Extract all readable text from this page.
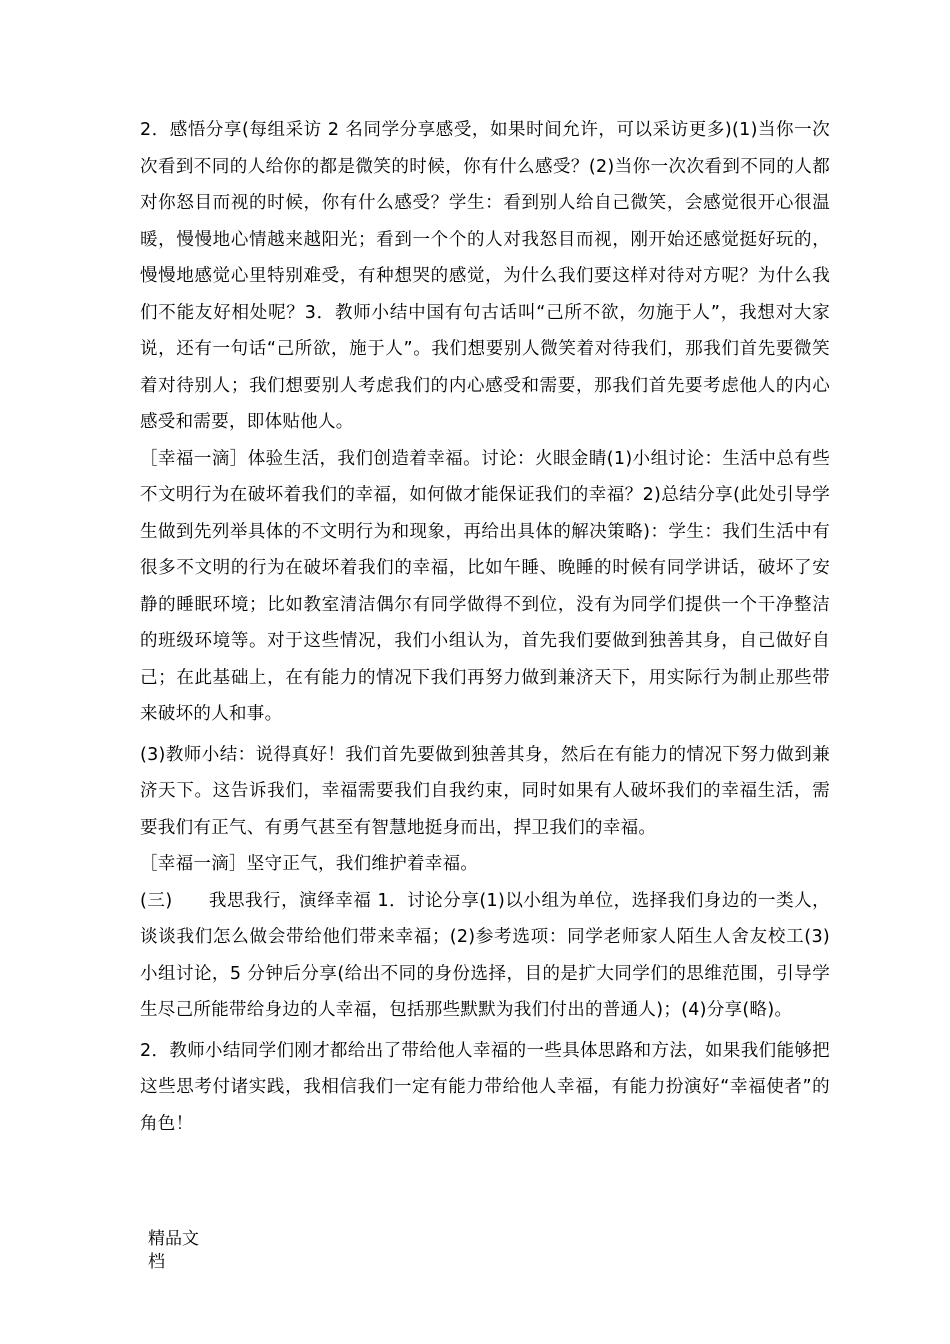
2．感悟分享(每组采访 2 名同学分享感受，如果时间允许，可以采访更多)(1)当你一次次看到不同的人给你的都是微笑的时候，你有什么感受？(2)当你一次次看到不同的人都对你怒目而视的时候，你有什么感受？学生：看到别人给自己微笑，会感觉很开心很温暖，慢慢地心情越来越阳光；看到一个个的人对我怒目而视，刚开始还感觉挺好玩的，慢慢地感觉心里特别难受，有种想哭的感觉，为什么我们要这样对待对方呢？为什么我们不能友好相处呢？3．教师小结中国有句古话叫“己所不欲，勿施于人”，我想对大家说，还有一句话“己所欲，施于人”。我们想要别人微笑着对待我们，那我们首先要微笑着对待别人；我们想要别人考虑我们的内心感受和需要，那我们首先要考虑他人的内心感受和需要，即体贴他人。

［幸福一滴］体验生活，我们创造着幸福。讨论：火眼金睛(1)小组讨论：生活中总有些不文明行为在破坏着我们的幸福，如何做才能保证我们的幸福？2)总结分享(此处引导学生做到先列举具体的不文明行为和现象，再给出具体的解决策略)：学生：我们生活中有很多不文明的行为在破坏着我们的幸福，比如午睡、晚睡的时候有同学讲话，破坏了安静的睡眠环境；比如教室清洁偶尔有同学做得不到位，没有为同学们提供一个干净整洁的班级环境等。对于这些情况，我们小组认为，首先我们要做到独善其身，自己做好自己；在此基础上，在有能力的情况下我们再努力做到兼济天下，用实际行为制止那些带来破坏的人和事。

(3)教师小结：说得真好！我们首先要做到独善其身，然后在有能力的情况下努力做到兼济天下。这告诉我们，幸福需要我们自我约束，同时如果有人破坏我们的幸福生活，需要我们有正气、有勇气甚至有智慧地挺身而出，捍卫我们的幸福。

［幸福一滴］坚守正气，我们维护着幸福。

(三)　　我思我行，演绎幸福 1．讨论分享(1)以小组为单位，选择我们身边的一类人，谈谈我们怎么做会带给他们带来幸福；(2)参考选项：同学老师家人陌生人舍友校工(3)小组讨论，5 分钟后分享(给出不同的身份选择，目的是扩大同学们的思维范围，引导学生尽己所能带给身边的人幸福，包括那些默默为我们付出的普通人)；(4)分享(略)。

2．教师小结同学们刚才都给出了带给他人幸福的一些具体思路和方法，如果我们能够把这些思考付诸实践，我相信我们一定有能力带给他人幸福，有能力扮演好“幸福使者”的角色！

精品文档
